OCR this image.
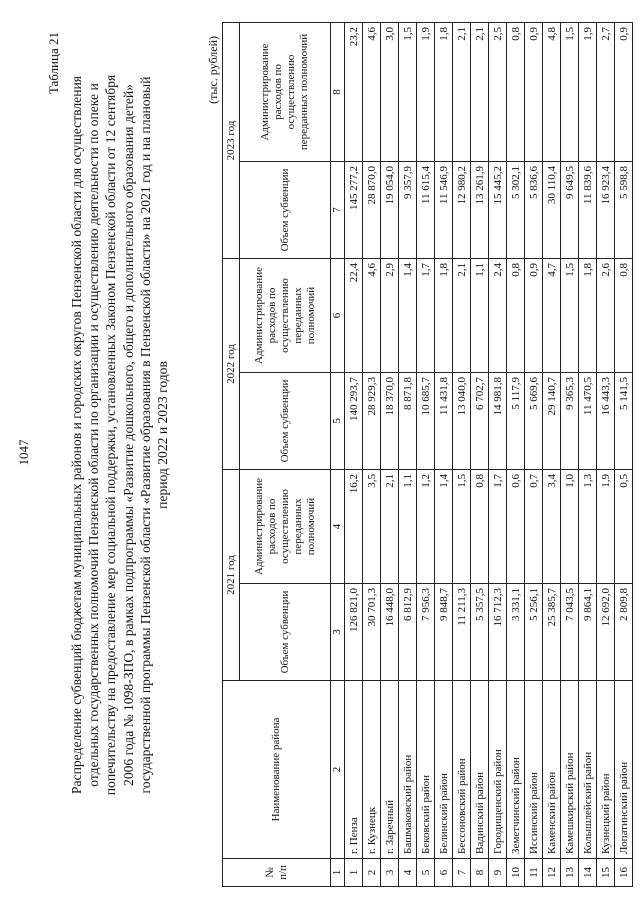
1047
Таблица 21
Распределение субвенций бюджетам муниципальных районов и городских округов Пензенской области для осуществления отдельных государственных полномочий Пензенской области по организации и осуществлению деятельности по опеке и попечительству на предоставление мер социальной поддержки, установленных Законом Пензенской области от 12 сентября 2006 года № 1098-ЗПО, в рамках подпрограммы «Развитие дошкольного, общего и дополнительного образования детей» государственной программы Пензенской области «Развитие образования в Пензенской области» на 2021 год и на плановый период 2022 и 2023 годов
(тыс. рублей)
№ п/п	Наименование района	2021 год		2022 год		2023 год	
		Объем субвенции	Администрирование расходов по осуществлению переданных полномочий	Объем субвенции	Администрирование расходов по осуществлению переданных полномочий	Объем субвенции	Администрирование расходов по осуществлению переданных полномочий
1	2	3	4	5	6	7	8
1	г. Пенза	126 821,0	16,2	140 293,7	22,4	145 277,2	23,2
2	г. Кузнецк	30 701,3	3,5	28 929,3	4,6	28 870,0	4,6
3	г. Заречный	16 448,0	2,1	18 370,0	2,9	19 054,0	3,0
4	Башмаковский район	6 812,9	1,1	8 871,8	1,4	9 357,9	1,5
5	Бековский район	7 956,3	1,2	10 685,7	1,7	11 615,4	1,9
6	Белинский район	9 848,7	1,4	11 431,8	1,8	11 546,9	1,8
7	Бессоновский район	11 211,3	1,5	13 040,0	2,1	12 980,2	2,1
8	Вадинский район	5 357,5	0,8	6 702,7	1,1	13 261,9	2,1
9	Городищенский район	16 712,3	1,7	14 981,8	2,4	15 445,2	2,5
10	Земетчинский район	3 331,1	0,6	5 117,9	0,8	5 302,1	0,8
11	Иссинский район	5 256,1	0,7	5 669,6	0,9	5 836,6	0,9
12	Каменский район	25 385,7	3,4	29 140,7	4,7	30 110,4	4,8
13	Камешкирский район	7 043,5	1,0	9 365,3	1,5	9 649,5	1,5
14	Колышлейский район	9 864,1	1,3	11 470,5	1,8	11 839,6	1,9
15	Кузнецкий район	12 692,0	1,9	16 443,3	2,6	16 923,4	2,7
16	Лопатинский район	2 809,8	0,5	5 141,5	0,8	5 598,8	0,9
